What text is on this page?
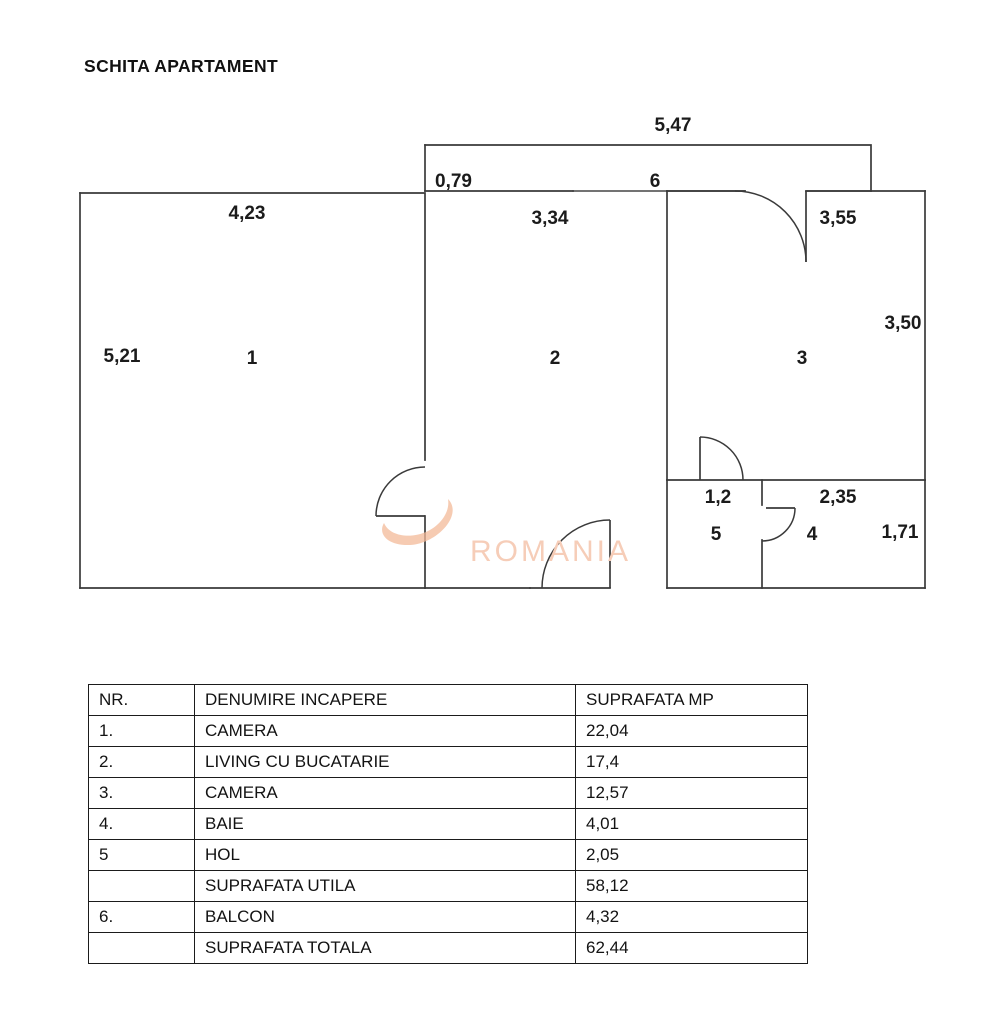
SCHITA APARTAMENT
4,23
5,21
0,79
5,47
3,34	3,55
3,50
1,2	2,35
1,71
1	2	3
4
5
6
ROMANIA
NR.	DENUMIRE INCAPERE	SUPRAFATA MP
1.	CAMERA	22,04
2.	LIVING CU BUCATARIE	17,4
3.	CAMERA	12,57
4.	BAIE	4,01
5	HOL	2,05
	SUPRAFATA UTILA	58,12
6.	BALCON	4,32
	SUPRAFATA TOTALA	62,44
